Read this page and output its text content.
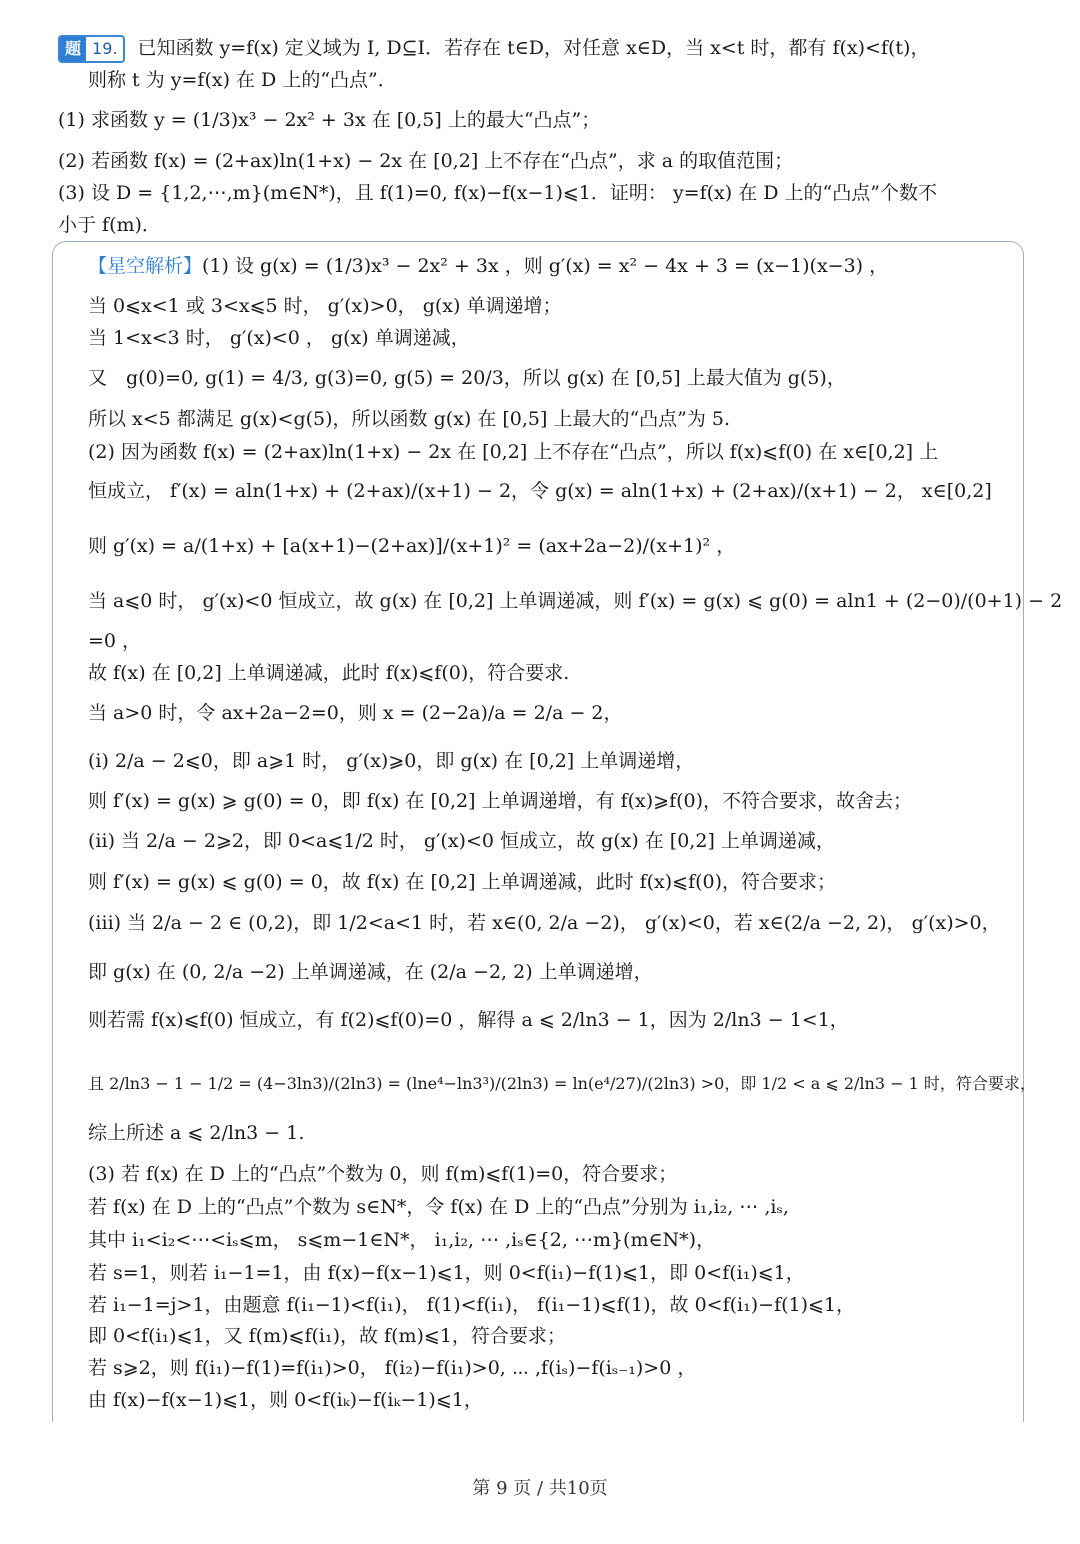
题 19.	已知函数 y=f(x) 定义域为 I, D⊆I．若存在 t∈D，对任意 x∈D，当 x<t 时，都有 f(x)<f(t)，
则称 t 为 y=f(x) 在 D 上的“凸点”．
(1) 求函数 y = (1/3)x³ − 2x² + 3x 在 [0,5] 上的最大“凸点”；
(2) 若函数 f(x) = (2+ax)ln(1+x) − 2x 在 [0,2] 上不存在“凸点”，求 a 的取值范围；
(3) 设 D = {1,2,⋯,m}(m∈N*)，且 f(1)=0, f(x)−f(x−1)⩽1．证明： y=f(x) 在 D 上的“凸点”个数不
小于 f(m)．
【星空解析】(1) 设 g(x) = (1/3)x³ − 2x² + 3x ，则 g′(x) = x² − 4x + 3 = (x−1)(x−3) ，
当 0⩽x<1 或 3<x⩽5 时， g′(x)>0， g(x) 单调递增；
当 1<x<3 时， g′(x)<0 ， g(x) 单调递减，
又　g(0)=0, g(1) = 4/3, g(3)=0, g(5) = 20/3，所以 g(x) 在 [0,5] 上最大值为 g(5)，
所以 x<5 都满足 g(x)<g(5)，所以函数 g(x) 在 [0,5] 上最大的“凸点”为 5.
(2) 因为函数 f(x) = (2+ax)ln(1+x) − 2x 在 [0,2] 上不存在“凸点”，所以 f(x)⩽f(0) 在 x∈[0,2] 上
恒成立， f′(x) = aln(1+x) + (2+ax)/(x+1) − 2，令 g(x) = aln(1+x) + (2+ax)/(x+1) − 2， x∈[0,2]
则 g′(x) = a/(1+x) + [a(x+1)−(2+ax)]/(x+1)² = (ax+2a−2)/(x+1)² ，
当 a⩽0 时， g′(x)<0 恒成立，故 g(x) 在 [0,2] 上单调递减，则 f′(x) = g(x) ⩽ g(0) = aln1 + (2−0)/(0+1) − 2
=0 ，
故 f(x) 在 [0,2] 上单调递减，此时 f(x)⩽f(0)，符合要求.
当 a>0 时，令 ax+2a−2=0，则 x = (2−2a)/a = 2/a − 2，
(i) 2/a − 2⩽0，即 a⩾1 时， g′(x)⩾0，即 g(x) 在 [0,2] 上单调递增，
则 f′(x) = g(x) ⩾ g(0) = 0，即 f(x) 在 [0,2] 上单调递增，有 f(x)⩾f(0)，不符合要求，故舍去；
(ii) 当 2/a − 2⩾2，即 0<a⩽1/2 时， g′(x)<0 恒成立，故 g(x) 在 [0,2] 上单调递减，
则 f′(x) = g(x) ⩽ g(0) = 0，故 f(x) 在 [0,2] 上单调递减，此时 f(x)⩽f(0)，符合要求；
(iii) 当 2/a − 2 ∈ (0,2)，即 1/2<a<1 时，若 x∈(0, 2/a −2)， g′(x)<0，若 x∈(2/a −2, 2)， g′(x)>0，
即 g(x) 在 (0, 2/a −2) 上单调递减，在 (2/a −2, 2) 上单调递增，
则若需 f(x)⩽f(0) 恒成立，有 f(2)⩽f(0)=0 ，解得 a ⩽ 2/ln3 − 1，因为 2/ln3 − 1<1，
且 2/ln3 − 1 − 1/2 = (4−3ln3)/(2ln3) = (lne⁴−ln3³)/(2ln3) = ln(e⁴/27)/(2ln3) >0，即 1/2 < a ⩽ 2/ln3 − 1 时，符合要求，
综上所述 a ⩽ 2/ln3 − 1.
(3) 若 f(x) 在 D 上的“凸点”个数为 0，则 f(m)⩽f(1)=0，符合要求；
若 f(x) 在 D 上的“凸点”个数为 s∈N*，令 f(x) 在 D 上的“凸点”分别为 i₁,i₂, ⋯ ,iₛ,
其中 i₁<i₂<⋯<iₛ⩽m， s⩽m−1∈N*， i₁,i₂, ⋯ ,iₛ∈{2, ⋯m}(m∈N*)，
若 s=1，则若 i₁−1=1，由 f(x)−f(x−1)⩽1，则 0<f(i₁)−f(1)⩽1，即 0<f(i₁)⩽1，
若 i₁−1=j>1，由题意 f(i₁−1)<f(i₁)， f(1)<f(i₁)， f(i₁−1)⩽f(1)，故 0<f(i₁)−f(1)⩽1，
即 0<f(i₁)⩽1，又 f(m)⩽f(i₁)，故 f(m)⩽1，符合要求；
若 s⩾2，则 f(i₁)−f(1)=f(i₁)>0， f(i₂)−f(i₁)>0, ⋯ ,f(iₛ)−f(iₛ₋₁)>0 ，
由 f(x)−f(x−1)⩽1，则 0<f(iₖ)−f(iₖ−1)⩽1，
第 9 页 / 共10页
